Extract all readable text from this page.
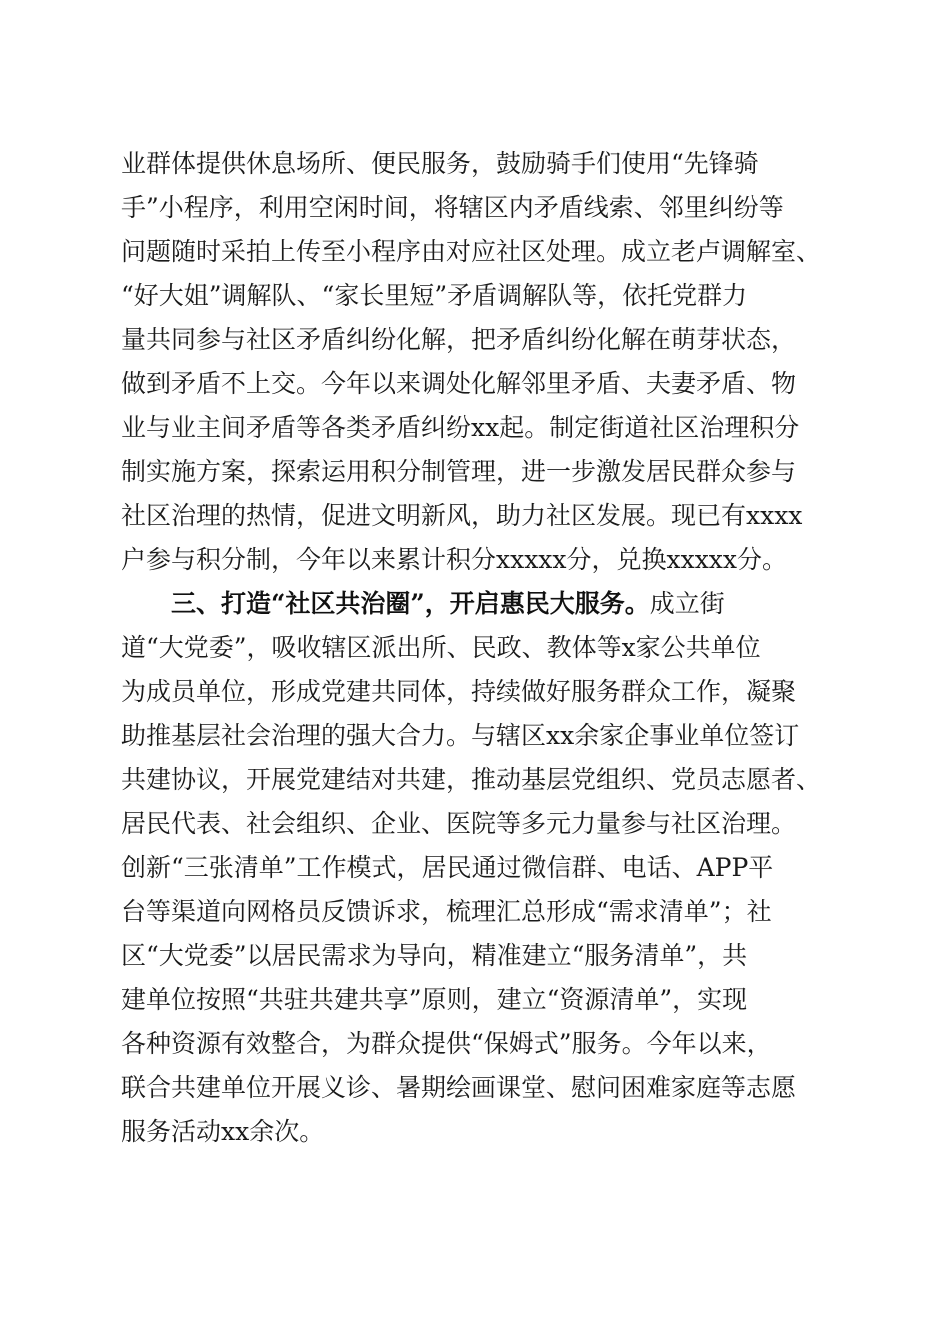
业群体提供休息场所、便民服务，鼓励骑手们使用“先锋骑
手”小程序，利用空闲时间，将辖区内矛盾线索、邻里纠纷等
问题随时采拍上传至小程序由对应社区处理。成立老卢调解室、
“好大姐”调解队、“家长里短”矛盾调解队等，依托党群力
量共同参与社区矛盾纠纷化解，把矛盾纠纷化解在萌芽状态，
做到矛盾不上交。今年以来调处化解邻里矛盾、夫妻矛盾、物
业与业主间矛盾等各类矛盾纠纷xx起。制定街道社区治理积分
制实施方案，探索运用积分制管理，进一步激发居民群众参与
社区治理的热情，促进文明新风，助力社区发展。现已有xxxx
户参与积分制，今年以来累计积分xxxxx分，兑换xxxxx分。
三、打造“社区共治圈”，开启惠民大服务。成立街
道“大党委”，吸收辖区派出所、民政、教体等x家公共单位
为成员单位，形成党建共同体，持续做好服务群众工作，凝聚
助推基层社会治理的强大合力。与辖区xx余家企事业单位签订
共建协议，开展党建结对共建，推动基层党组织、党员志愿者、
居民代表、社会组织、企业、医院等多元力量参与社区治理。
创新“三张清单”工作模式，居民通过微信群、电话、APP平
台等渠道向网格员反馈诉求，梳理汇总形成“需求清单”；社
区“大党委”以居民需求为导向，精准建立“服务清单”，共
建单位按照“共驻共建共享”原则，建立“资源清单”，实现
各种资源有效整合，为群众提供“保姆式”服务。今年以来，
联合共建单位开展义诊、暑期绘画课堂、慰问困难家庭等志愿
服务活动xx余次。
